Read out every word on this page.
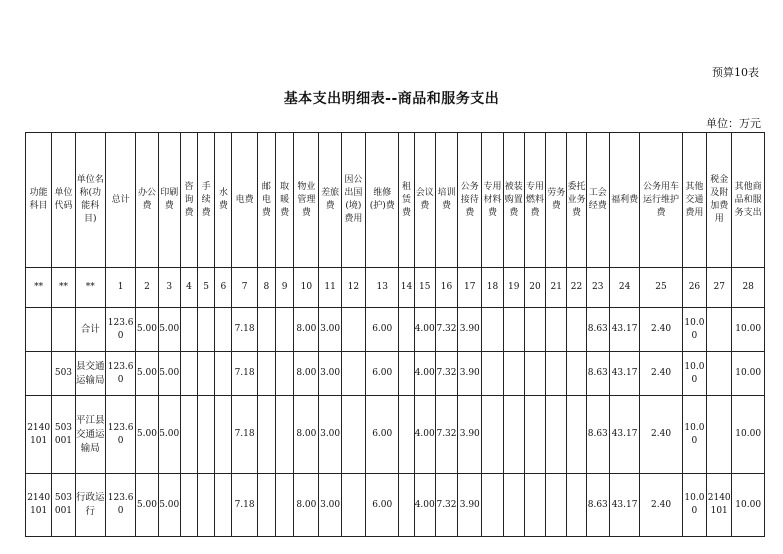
预算10表
基本支出明细表--商品和服务支出
单位：万元
功能科目	单位代码	单位名称(功能科目)	总计	办公费	印刷费	咨询费	手续费	水费	电费	邮电费	取暖费	物业管理费	差旅费	因公出国(境)费用	维修(护)费	租赁费	会议费	培训费	公务接待费	专用材料费	被装购置费	专用燃料费	劳务费	委托业务费	工会经费	福利费	公务用车运行维护费	其他交通费用	税金及附加费用	其他商品和服务支出
**	**	**	1	2	3	4	5	6	7	8	9	10	11	12	13	14	15	16	17	18	19	20	21	22	23	24	25	26	27	28
		合计	123.60	5.00	5.00				7.18			8.00	3.00		6.00		4.00	7.32	3.90						8.63	43.17	2.40	10.00		10.00
	503	县交通运输局	123.60	5.00	5.00				7.18			8.00	3.00		6.00		4.00	7.32	3.90						8.63	43.17	2.40	10.00		10.00
2140101	503001	平江县交通运输局	123.60	5.00	5.00				7.18			8.00	3.00		6.00		4.00	7.32	3.90						8.63	43.17	2.40	10.00		10.00
2140101	503001	行政运行	123.60	5.00	5.00				7.18			8.00	3.00		6.00		4.00	7.32	3.90						8.63	43.17	2.40	10.00	2140101	10.00
